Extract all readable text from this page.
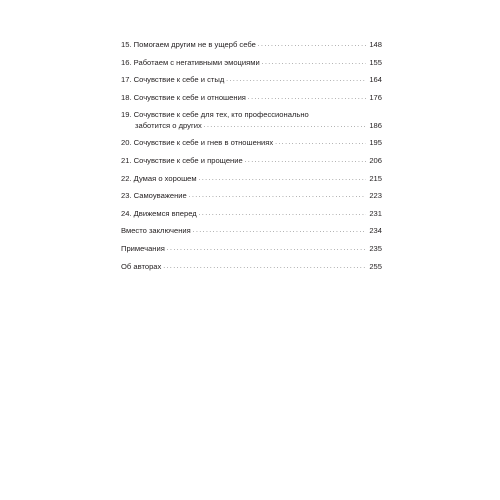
15. Помогаем другим не в ущерб себе . . .	148
16. Работаем с негативными эмоциями . . .	155
17. Сочувствие к себе и стыд . . .	164
18. Сочувствие к себе и отношения . . .	176
19. Сочувствие к себе для тех, кто профессионально
заботится о других . . .	186
20. Сочувствие к себе и гнев в отношениях . . .	195
21. Сочувствие к себе и прощение . . .	206
22. Думая о хорошем . . .	215
23. Самоуважение . . .	223
24. Движемся вперед . . .	231
Вместо заключения . . .	234
Примечания . . .	235
Об авторах . . .	255
